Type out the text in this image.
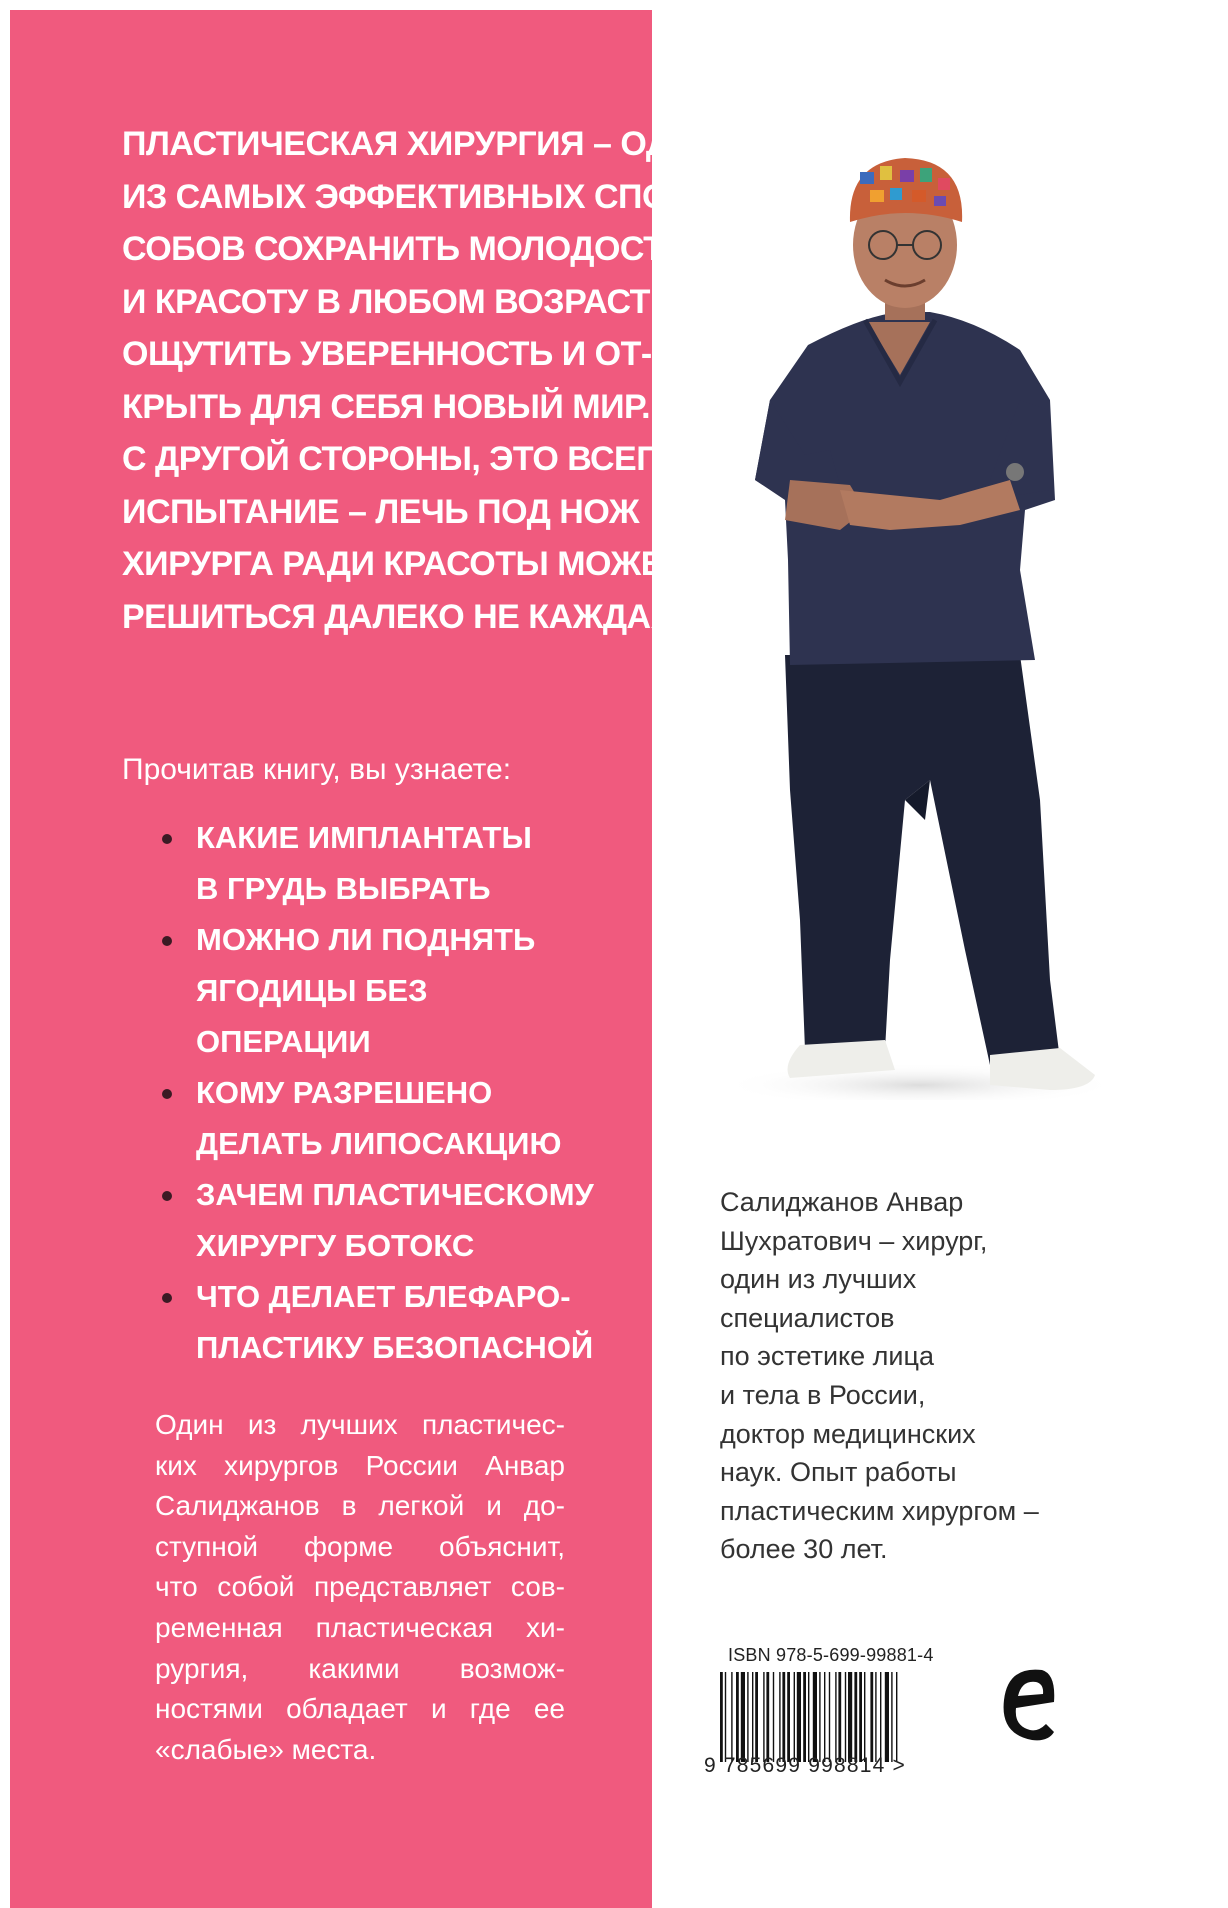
ПЛАСТИЧЕСКАЯ ХИРУРГИЯ – ОДИН
ИЗ САМЫХ ЭФФЕКТИВНЫХ СПО-
СОБОВ СОХРАНИТЬ МОЛОДОСТЬ
И КРАСОТУ В ЛЮБОМ ВОЗРАСТЕ,
ОЩУТИТЬ УВЕРЕННОСТЬ И ОТ-
КРЫТЬ ДЛЯ СЕБЯ НОВЫЙ МИР.
С ДРУГОЙ СТОРОНЫ, ЭТО ВСЕГДА
ИСПЫТАНИЕ – ЛЕЧЬ ПОД НОЖ
ХИРУРГА РАДИ КРАСОТЫ МОЖЕТ
РЕШИТЬСЯ ДАЛЕКО НЕ КАЖДАЯ.
Прочитав книгу, вы узнаете:
КАКИЕ ИМПЛАНТАТЫ
В ГРУДЬ ВЫБРАТЬ
МОЖНО ЛИ ПОДНЯТЬ
ЯГОДИЦЫ БЕЗ ОПЕРАЦИИ
КОМУ РАЗРЕШЕНО
ДЕЛАТЬ ЛИПОСАКЦИЮ
ЗАЧЕМ ПЛАСТИЧЕСКОМУ
ХИРУРГУ БОТОКС
ЧТО ДЕЛАЕТ БЛЕФАРО-
ПЛАСТИКУ БЕЗОПАСНОЙ
Один из лучших пластичес-
ких хирургов России Анвар
Салиджанов в легкой и до-
ступной форме объяснит,
что собой представляет сов-
ременная пластическая хи-
рургия, какими возмож-
ностями обладает и где ее
«слабые» места.
Салиджанов Анвар
Шухратович – хирург,
один из лучших
специалистов
по эстетике лица
и тела в России,
доктор медицинских
наук. Опыт работы
пластическим хирургом –
более 30 лет.
ISBN 978-5-699-99881-4
9 785699 998814 >
